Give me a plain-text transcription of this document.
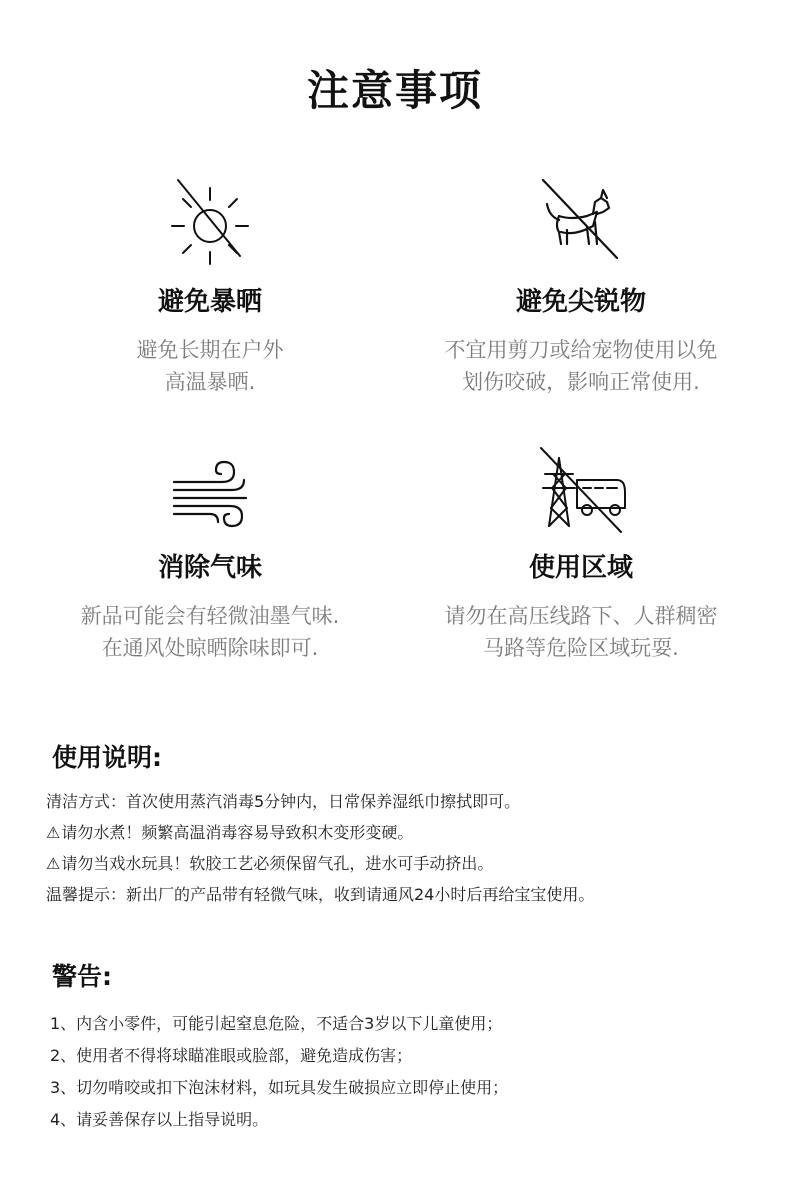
注意事项
避免暴晒
避免长期在户外
高温暴晒.
避免尖锐物
不宜用剪刀或给宠物使用以免
划伤咬破，影响正常使用.
消除气味
新品可能会有轻微油墨气味.
在通风处晾晒除味即可.
使用区域
请勿在高压线路下、人群稠密
马路等危险区域玩耍.
使用说明:
清洁方式：首次使用蒸汽消毒5分钟内，日常保养湿纸巾擦拭即可。
⚠请勿水煮！频繁高温消毒容易导致积木变形变硬。
⚠请勿当戏水玩具！软胶工艺必须保留气孔，进水可手动挤出。
温馨提示：新出厂的产品带有轻微气味，收到请通风24小时后再给宝宝使用。
警告:
1、内含小零件，可能引起窒息危险，不适合3岁以下儿童使用；
2、使用者不得将球瞄准眼或脸部，避免造成伤害；
3、切勿啃咬或扣下泡沫材料，如玩具发生破损应立即停止使用；
4、请妥善保存以上指导说明。
